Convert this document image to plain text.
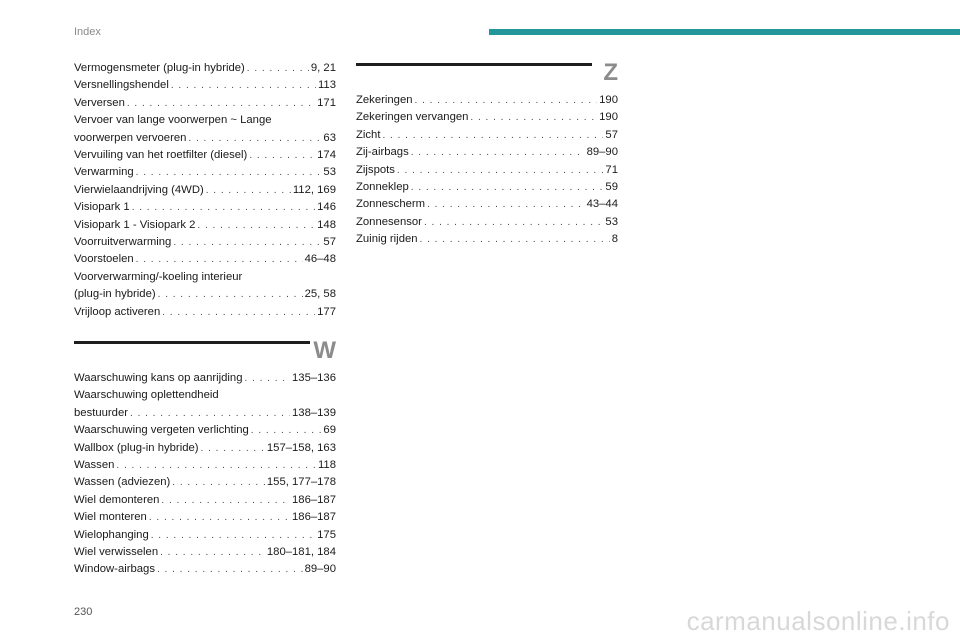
Index
Vermogensmeter (plug-in hybride) . . .	9, 21
Versnellingshendel . . .	113
Verversen . . .	171
Vervoer van lange voorwerpen ~ Lange
voorwerpen vervoeren . . .	63
Vervuiling van het roetfilter (diesel) . . .	174
Verwarming . . .	53
Vierwielaandrijving (4WD) . . .	112, 169
Visiopark 1 . . .	146
Visiopark 1 - Visiopark 2 . . .	148
Voorruitverwarming . . .	57
Voorstoelen . . .	46–48
Voorverwarming/-koeling interieur
(plug-in hybride) . . .	25, 58
Vrijloop activeren . . .	177
W
Waarschuwing kans op aanrijding . . .	135–136
Waarschuwing oplettendheid
bestuurder . . .	138–139
Waarschuwing vergeten verlichting . . .	69
Wallbox (plug-in hybride) . . .	157–158, 163
Wassen . . .	118
Wassen (adviezen) . . .	155, 177–178
Wiel demonteren . . .	186–187
Wiel monteren . . .	186–187
Wielophanging . . .	175
Wiel verwisselen . . .	180–181, 184
Window-airbags . . .	89–90
Z
Zekeringen . . .	190
Zekeringen vervangen . . .	190
Zicht . . .	57
Zij-airbags . . .	89–90
Zijspots . . .	71
Zonneklep . . .	59
Zonnescherm . . .	43–44
Zonnesensor . . .	53
Zuinig rijden . . .	8
230	carmanualsonline.info
